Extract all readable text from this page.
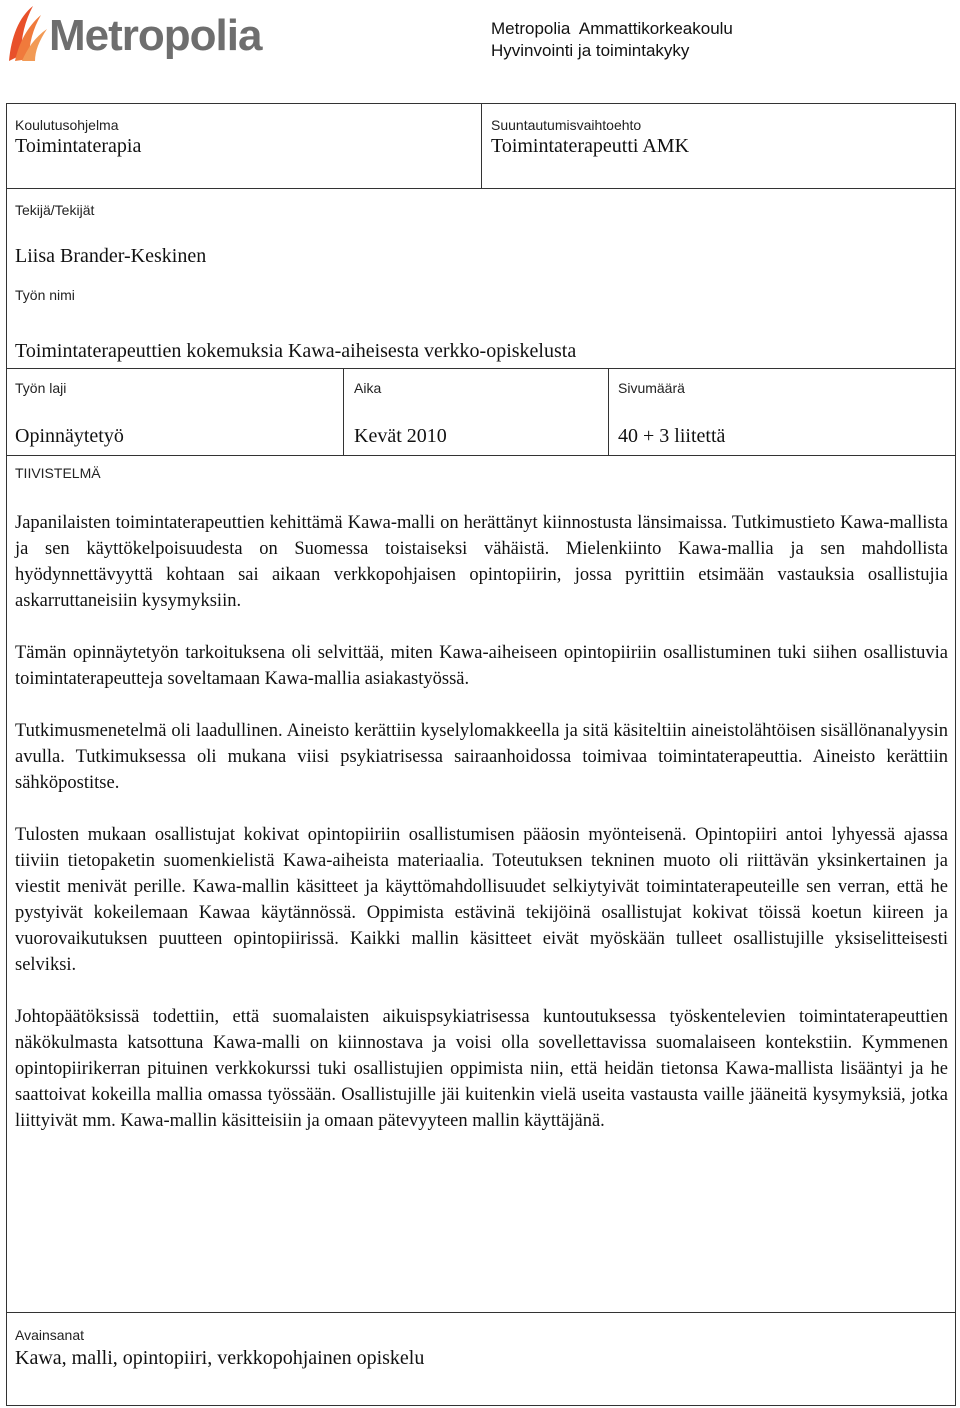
Metropolia	Metropolia  Ammattikorkeakoulu
Hyvinvointi ja toimintakyky
Koulutusohjelma
Toimintaterapia
Suuntautumisvaihtoehto
Toimintaterapeutti AMK
Tekijä/Tekijät
Liisa Brander-Keskinen
Työn nimi
Toimintaterapeuttien kokemuksia Kawa-aiheisesta verkko-opiskelusta
Työn laji
Opinnäytetyö
Aika
Kevät 2010
Sivumäärä
40 + 3 liitettä
TIIVISTELMÄ

Japanilaisten toimintaterapeuttien kehittämä Kawa-malli on herättänyt kiinnostusta länsimaissa. Tutkimustieto Kawa-mallista ja sen käyttökelpoisuudesta on Suomessa toistaiseksi vähäistä. Mielenkiinto Kawa-mallia ja sen mahdollista hyödynnettävyyttä kohtaan sai aikaan verkkopohjaisen opintopiirin, jossa pyrittiin etsimään vastauksia osallistujia askarruttaneisiin kysymyksiin.

Tämän opinnäytetyön tarkoituksena oli selvittää, miten Kawa-aiheiseen opintopiiriin osallistuminen tuki siihen osallistuvia toimintaterapeutteja soveltamaan Kawa-mallia asiakastyössä.

Tutkimusmenetelmä oli laadullinen. Aineisto kerättiin kyselylomakkeella ja sitä käsiteltiin aineistolähtöisen sisällönanalyysin avulla. Tutkimuksessa oli mukana viisi psykiatrisessa sairaanhoidossa toimivaa toimintaterapeuttia. Aineisto kerättiin sähköpostitse.

Tulosten mukaan osallistujat kokivat opintopiiriin osallistumisen pääosin myönteisenä. Opintopiiri antoi lyhyessä ajassa tiiviin tietopaketin suomenkielistä Kawa-aiheista materiaalia. Toteutuksen tekninen muoto oli riittävän yksinkertainen ja viestit menivät perille. Kawa-mallin käsitteet ja käyttömahdollisuudet selkiytyivät toimintaterapeuteille sen verran, että he pystyivät kokeilemaan Kawaa käytännössä. Oppimista estävinä tekijöinä osallistujat kokivat töissä koetun kiireen ja vuorovaikutuksen puutteen opintopiirissä. Kaikki mallin käsitteet eivät myöskään tulleet osallistujille yksiselitteisesti selviksi.

Johtopäätöksissä todettiin, että suomalaisten aikuispsykiatrisessa kuntoutuksessa työskentelevien toimintaterapeuttien näkökulmasta katsottuna Kawa-malli on kiinnostava ja voisi olla sovellettavissa suomalaiseen kontekstiin. Kymmenen opintopiirikerran pituinen verkkokurssi tuki osallistujien oppimista niin, että heidän tietonsa Kawa-mallista lisääntyi ja he saattoivat kokeilla mallia omassa työssään. Osallistujille jäi kuitenkin vielä useita vastausta vaille jääneitä kysymyksiä, jotka liittyivät mm. Kawa-mallin käsitteisiin ja omaan pätevyyteen mallin käyttäjänä.

Avainsanat
Kawa, malli, opintopiiri, verkkopohjainen opiskelu
